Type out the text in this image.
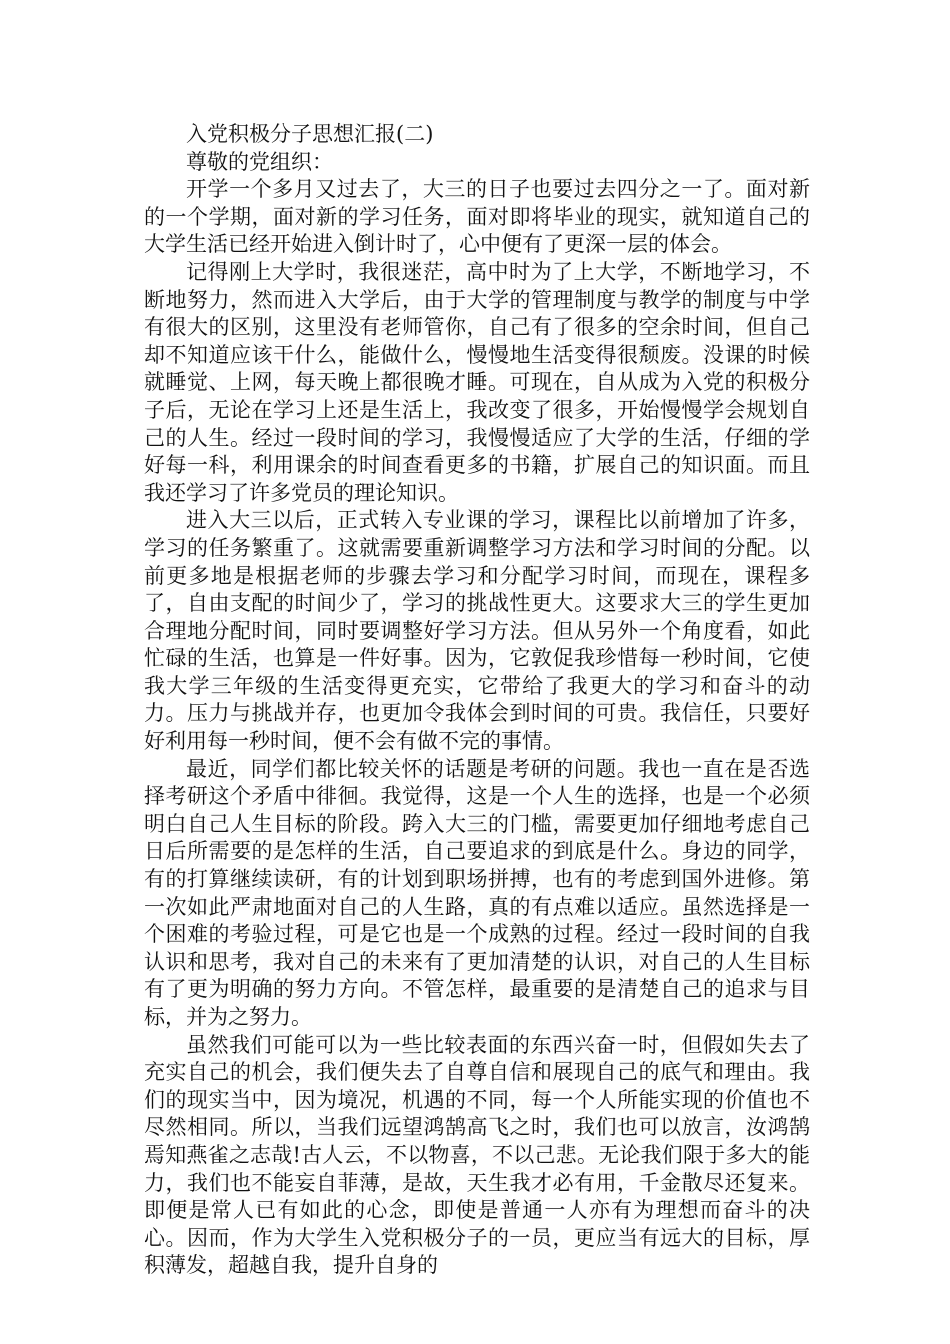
入党积极分子思想汇报(二)

尊敬的党组织：

开学一个多月又过去了，大三的日子也要过去四分之一了。面对新的一个学期，面对新的学习任务，面对即将毕业的现实，就知道自己的大学生活已经开始进入倒计时了，心中便有了更深一层的体会。

记得刚上大学时，我很迷茫，高中时为了上大学，不断地学习，不断地努力，然而进入大学后，由于大学的管理制度与教学的制度与中学有很大的区别，这里没有老师管你，自己有了很多的空余时间，但自己却不知道应该干什么，能做什么，慢慢地生活变得很颓废。没课的时候就睡觉、上网，每天晚上都很晚才睡。可现在，自从成为入党的积极分子后，无论在学习上还是生活上，我改变了很多，开始慢慢学会规划自己的人生。经过一段时间的学习，我慢慢适应了大学的生活，仔细的学好每一科，利用课余的时间查看更多的书籍，扩展自己的知识面。而且我还学习了许多党员的理论知识。

进入大三以后，正式转入专业课的学习，课程比以前增加了许多，学习的任务繁重了。这就需要重新调整学习方法和学习时间的分配。以前更多地是根据老师的步骤去学习和分配学习时间，而现在，课程多了，自由支配的时间少了，学习的挑战性更大。这要求大三的学生更加合理地分配时间，同时要调整好学习方法。但从另外一个角度看，如此忙碌的生活，也算是一件好事。因为，它敦促我珍惜每一秒时间，它使我大学三年级的生活变得更充实，它带给了我更大的学习和奋斗的动力。压力与挑战并存，也更加令我体会到时间的可贵。我信任，只要好好利用每一秒时间，便不会有做不完的事情。

最近，同学们都比较关怀的话题是考研的问题。我也一直在是否选择考研这个矛盾中徘徊。我觉得，这是一个人生的选择，也是一个必须明白自己人生目标的阶段。跨入大三的门槛，需要更加仔细地考虑自己日后所需要的是怎样的生活，自己要追求的到底是什么。身边的同学，有的打算继续读研，有的计划到职场拼搏，也有的考虑到国外进修。第一次如此严肃地面对自己的人生路，真的有点难以适应。虽然选择是一个困难的考验过程，可是它也是一个成熟的过程。经过一段时间的自我认识和思考，我对自己的未来有了更加清楚的认识，对自己的人生目标有了更为明确的努力方向。不管怎样，最重要的是清楚自己的追求与目标，并为之努力。

虽然我们可能可以为一些比较表面的东西兴奋一时，但假如失去了充实自己的机会，我们便失去了自尊自信和展现自己的底气和理由。我们的现实当中，因为境况，机遇的不同，每一个人所能实现的价值也不尽然相同。所以，当我们远望鸿鹄高飞之时，我们也可以放言，汝鸿鹄焉知燕雀之志哉!古人云，不以物喜，不以己悲。无论我们限于多大的能力，我们也不能妄自菲薄，是故，天生我才必有用，千金散尽还复来。即便是常人已有如此的心念，即使是普通一人亦有为理想而奋斗的决心。因而，作为大学生入党积极分子的一员，更应当有远大的目标，厚积薄发，超越自我，提升自身的
